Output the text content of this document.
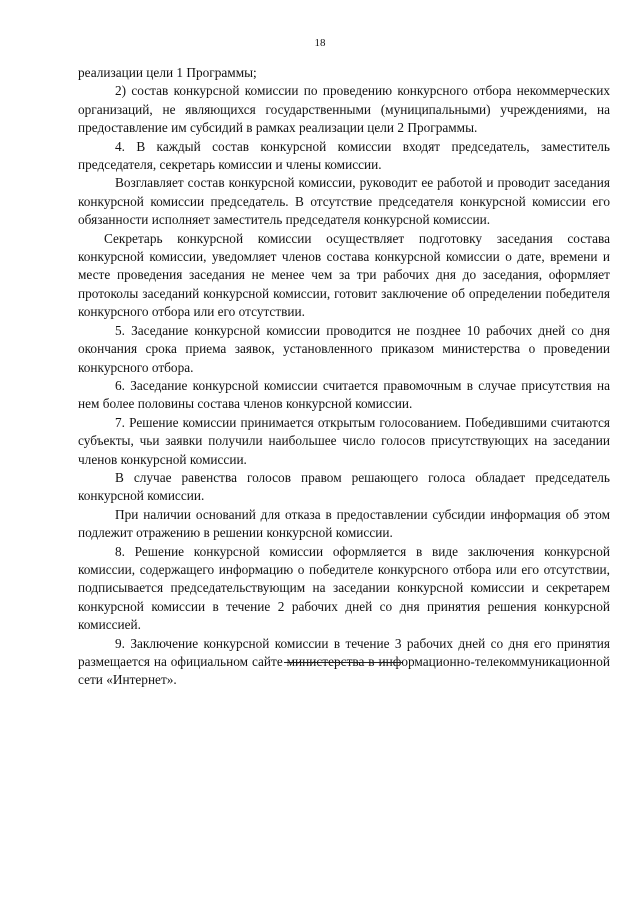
18

реализации цели 1 Программы;

2) состав конкурсной комиссии по проведению конкурсного отбора некоммерческих организаций, не являющихся государственными (муниципальными) учреждениями, на предоставление им субсидий в рамках реализации цели 2 Программы.

4. В каждый состав конкурсной комиссии входят председатель, заместитель председателя, секретарь комиссии и члены комиссии.

Возглавляет состав конкурсной комиссии, руководит ее работой и проводит заседания конкурсной комиссии председатель. В отсутствие председателя конкурсной комиссии его обязанности исполняет заместитель председателя конкурсной комиссии.

Секретарь конкурсной комиссии осуществляет подготовку заседания состава конкурсной комиссии, уведомляет членов состава конкурсной комиссии о дате, времени и месте проведения заседания не менее чем за три рабочих дня до заседания, оформляет протоколы заседаний конкурсной комиссии, готовит заключение об определении победителя конкурсного отбора или его отсутствии.

5. Заседание конкурсной комиссии проводится не позднее 10 рабочих дней со дня окончания срока приема заявок, установленного приказом министерства о проведении конкурсного отбора.

6. Заседание конкурсной комиссии считается правомочным в случае присутствия на нем более половины состава членов конкурсной комиссии.

7. Решение комиссии принимается открытым голосованием. Победившими считаются субъекты, чьи заявки получили наибольшее число голосов присутствующих на заседании членов конкурсной комиссии.

В случае равенства голосов правом решающего голоса обладает председатель конкурсной комиссии.

При наличии оснований для отказа в предоставлении субсидии информация об этом подлежит отражению в решении конкурсной комиссии.

8. Решение конкурсной комиссии оформляется в виде заключения конкурсной комиссии, содержащего информацию о победителе конкурсного отбора или его отсутствии, подписывается председательствующим на заседании конкурсной комиссии и секретарем конкурсной комиссии в течение 2 рабочих дней со дня принятия решения конкурсной комиссией.

9. Заключение конкурсной комиссии в течение 3 рабочих дней со дня его принятия размещается на официальном сайте министерства в информационно-телекоммуникационной сети «Интернет».
